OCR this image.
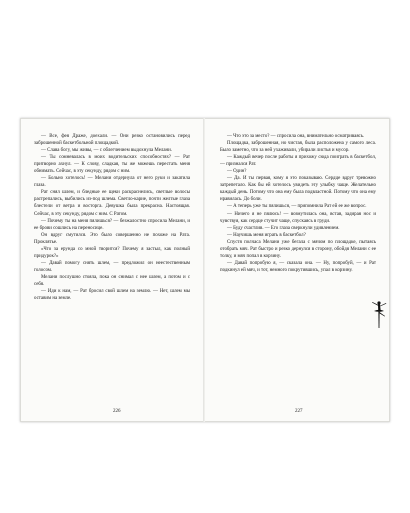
— Все, фея Драже, доехали. — Они резко остановились перед заброшенной баскетбольной площадкой.

— Слава богу, мы живы, — с облегчением выдохнула Мелани.

— Ты сомневалась в моих водительских способностях? — Рат притворно ахнул. — К слову, сладкая, ты же можешь перестать меня обнимать. Сейчас, в эту секунду, рядом с ним.

— Больно хотелось! — Мелани отдернула от него руки и закатила глаза.

Рат снял шлем, и бледные ее щеки раскраснелись, светлые волосы растрепались, выбились из-под шлема. Светло-карие, почти желтые глаза блестели от ветра и восторга. Девушка была прекрасна. Настоящая. Сейчас, в эту секунду, рядом с ним. С Ратом.

— Почему ты на меня пялишься? — безжалостно спросила Мелани, и ее брови сошлись на переносице.

Он вдруг смутился. Это было совершенно не похоже на Рата. Проклятье.

«Что за ерунда со мной творится? Почему я застыл, как полный придурок?»

— Давай помогу снять шлем, — предложил он неестественным голосом.

Мелани послушно стояла, пока он снимал с нее шлем, а потом и с себя.

— Иди к нам, — Рат бросил свой шлем на землю. — Нет, шлем мы оставим на земле.

— Что это за место? — спросила она, внимательно осматриваясь.

Площадка, заброшенная, но чистая, была расположена у самого леса. Было заметно, что за ней ухаживали, убирали листья и мусор.

— Каждый вечер после работы я прихожу сюда поиграть в баскетбол, — признался Рат.

— Один?

— Да. И ты первая, кому я это показываю. Сердце вдруг тревожно затрепетало. Как бы ей хотелось увидеть эту улыбку чаще. Желательно каждый день. Потому что она ему была подвластной. Потому что она ему нравилась. До боли.

— А теперь уже ты пялишься, — припомнила Рат ей ее же вопрос.

— Ничего я не пялюсь! — возмутилась она, встав, задирая нос и чувствуя, как сердце стучит чаще, спускаясь в груди.

— Буду счастлив. — Его глаза сверкнули удивлением.

— Научишь меня играть в баскетбол?

Спустя полчаса Мелани уже бегала с мячом по площадке, пытаясь отобрать мяч. Рат быстро и резко дернулся в сторону, обойдя Мелани с ее толку, и мяч попал в корзину.

— Давай попробую я, — сказала она. — Ну, попробуй, — и Рат подкинул ей мяч, и тот, немного покрутившись, упал в корзину.

226	227
